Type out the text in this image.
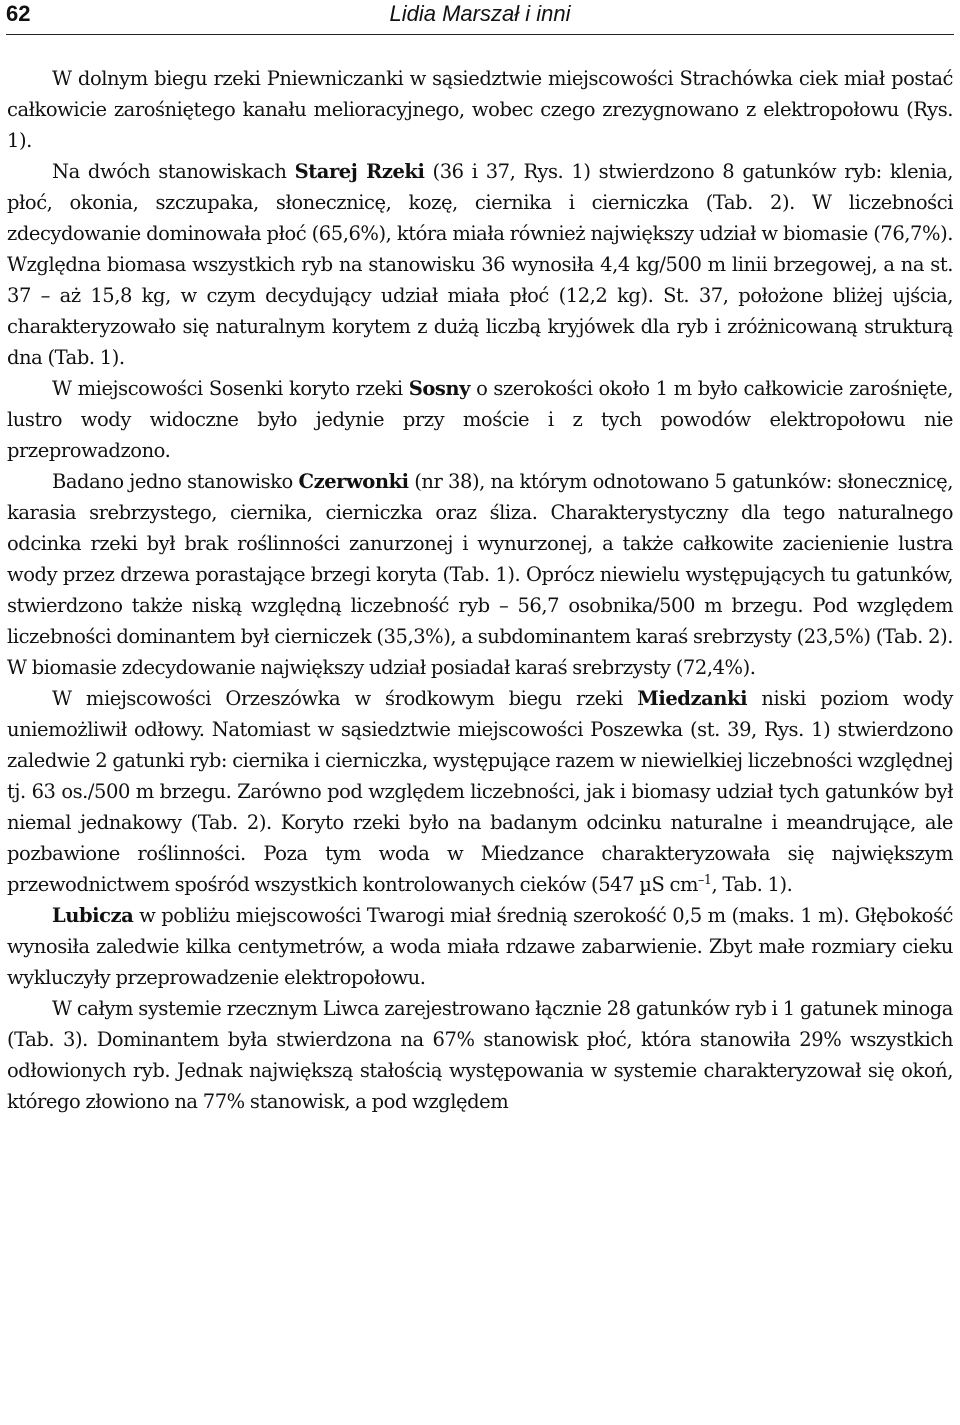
62	Lidia Marszał i inni

W dolnym biegu rzeki Pniewniczanki w sąsiedztwie miejscowości Strachówka ciek miał postać całkowicie zarośniętego kanału melioracyjnego, wobec czego zrezygnowano z elektropołowu (Rys. 1).

Na dwóch stanowiskach Starej Rzeki (36 i 37, Rys. 1) stwierdzono 8 gatunków ryb: klenia, płoć, okonia, szczupaka, słonecznicę, kozę, ciernika i cierniczka (Tab. 2). W liczebności zdecydowanie dominowała płoć (65,6%), która miała również największy udział w biomasie (76,7%). Względna biomasa wszystkich ryb na stanowisku 36 wynosiła 4,4 kg/500 m linii brzegowej, a na st. 37 – aż 15,8 kg, w czym decydujący udział miała płoć (12,2 kg). St. 37, położone bliżej ujścia, charakteryzowało się naturalnym korytem z dużą liczbą kryjówek dla ryb i zróżnicowaną strukturą dna (Tab. 1).

W miejscowości Sosenki koryto rzeki Sosny o szerokości około 1 m było całkowicie zarośnięte, lustro wody widoczne było jedynie przy moście i z tych powodów elektropołowu nie przeprowadzono.

Badano jedno stanowisko Czerwonki (nr 38), na którym odnotowano 5 gatunków: słonecznicę, karasia srebrzystego, ciernika, cierniczka oraz śliza. Charakterystyczny dla tego naturalnego odcinka rzeki był brak roślinności zanurzonej i wynurzonej, a także całkowite zacienienie lustra wody przez drzewa porastające brzegi koryta (Tab. 1). Oprócz niewielu występujących tu gatunków, stwierdzono także niską względną liczebność ryb – 56,7 osobnika/500 m brzegu. Pod względem liczebności dominantem był cierniczek (35,3%), a subdominantem karaś srebrzysty (23,5%) (Tab. 2). W biomasie zdecydowanie największy udział posiadał karaś srebrzysty (72,4%).

W miejscowości Orzeszówka w środkowym biegu rzeki Miedzanki niski poziom wody uniemożliwił odłowy. Natomiast w sąsiedztwie miejscowości Poszewka (st. 39, Rys. 1) stwierdzono zaledwie 2 gatunki ryb: ciernika i cierniczka, występujące razem w niewielkiej liczebności względnej tj. 63 os./500 m brzegu. Zarówno pod względem liczebności, jak i biomasy udział tych gatunków był niemal jednakowy (Tab. 2). Koryto rzeki było na badanym odcinku naturalne i meandrujące, ale pozbawione roślinności. Poza tym woda w Miedzance charakteryzowała się największym przewodnictwem spośród wszystkich kontrolowanych cieków (547 µS $cm^{-1}$, Tab. 1).

Lubicza w pobliżu miejscowości Twarogi miał średnią szerokość 0,5 m (maks. 1 m). Głębokość wynosiła zaledwie kilka centymetrów, a woda miała rdzawe zabarwienie. Zbyt małe rozmiary cieku wykluczyły przeprowadzenie elektropołowu.

W całym systemie rzecznym Liwca zarejestrowano łącznie 28 gatunków ryb i 1 gatunek minoga (Tab. 3). Dominantem była stwierdzona na 67% stanowisk płoć, która stanowiła 29% wszystkich odłowionych ryb. Jednak największą stałością występowania w systemie charakteryzował się okoń, którego złowiono na 77% stanowisk, a pod względem
